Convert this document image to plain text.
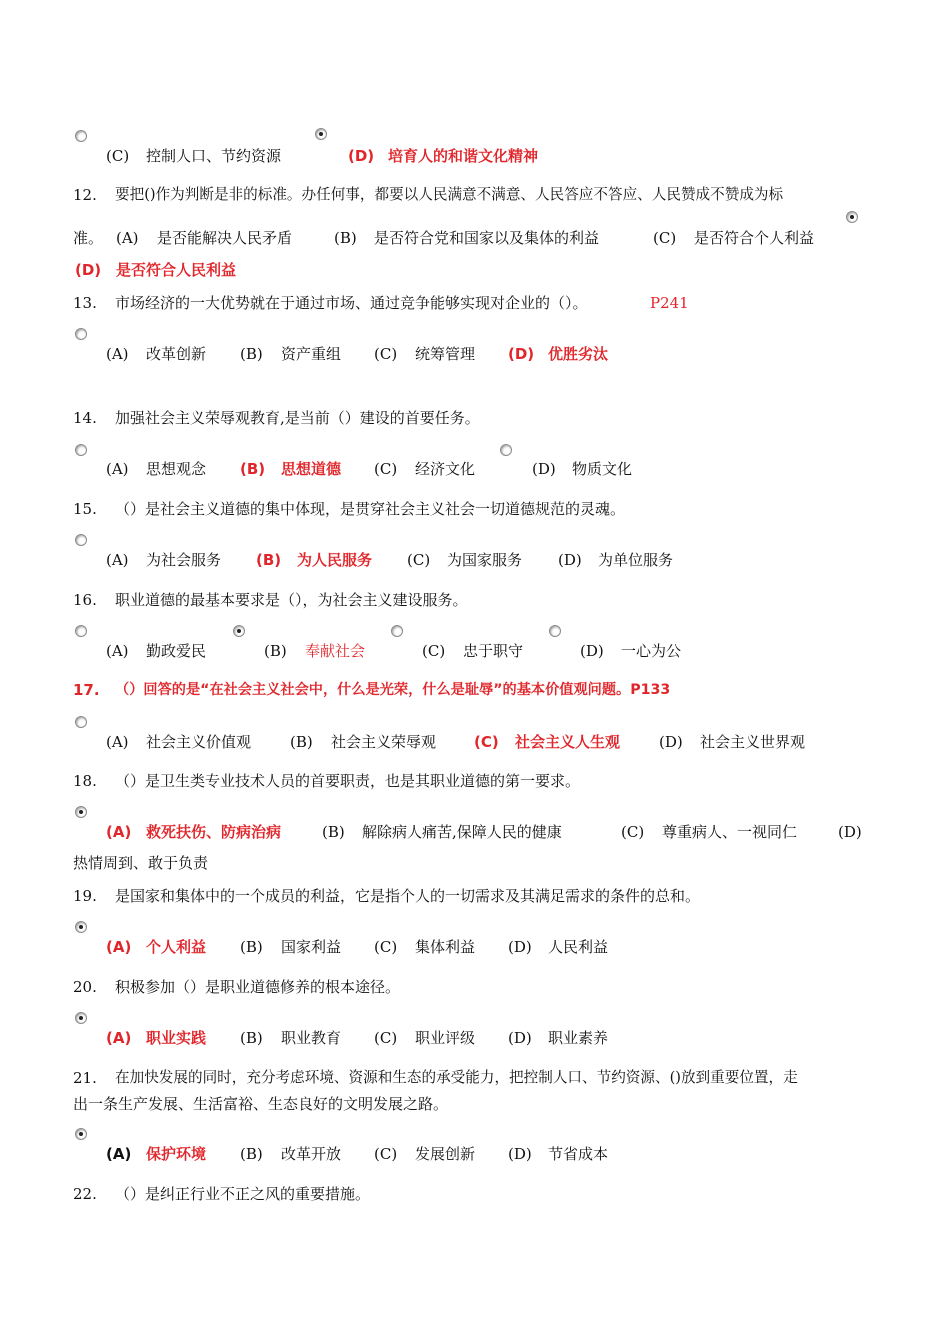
(C) 控制人口、节约资源	(D) 培育人的和谐文化精神
12. 要把()作为判断是非的标准。办任何事，都要以人民满意不满意、人民答应不答应、人民赞成不赞成为标
准。 (A) 是否能解决人民矛盾	(B) 是否符合党和国家以及集体的利益	(C) 是否符合个人利益
(D) 是否符合人民利益
13. 市场经济的一大优势就在于通过市场、通过竞争能够实现对企业的（）。	P241
(A) 改革创新 (B) 资产重组 (C) 统筹管理 (D) 优胜劣汰
14. 加强社会主义荣辱观教育,是当前（）建设的首要任务。
(A) 思想观念 (B) 思想道德 (C) 经济文化	(D) 物质文化
15. （）是社会主义道德的集中体现，是贯穿社会主义社会一切道德规范的灵魂。
(A) 为社会服务 (B) 为人民服务 (C) 为国家服务 (D) 为单位服务
16. 职业道德的最基本要求是（），为社会主义建设服务。
(A) 勤政爱民	(B) 奉献社会	(C) 忠于职守	(D) 一心为公
17. （）回答的是“在社会主义社会中，什么是光荣，什么是耻辱”的基本价值观问题。P133
(A) 社会主义价值观	(B) 社会主义荣辱观	(C) 社会主义人生观	(D) 社会主义世界观
18. （）是卫生类专业技术人员的首要职责，也是其职业道德的第一要求。
(A) 救死扶伤、防病治病	(B) 解除病人痛苦,保障人民的健康	(C) 尊重病人、一视同仁	(D)
热情周到、敢于负责
19. 是国家和集体中的一个成员的利益，它是指个人的一切需求及其满足需求的条件的总和。
(A) 个人利益 (B) 国家利益 (C) 集体利益 (D) 人民利益
20. 积极参加（）是职业道德修养的根本途径。
(A) 职业实践 (B) 职业教育 (C) 职业评级 (D) 职业素养
21. 在加快发展的同时，充分考虑环境、资源和生态的承受能力，把控制人口、节约资源、()放到重要位置，走
出一条生产发展、生活富裕、生态良好的文明发展之路。
(A) 保护环境 (B) 改革开放 (C) 发展创新 (D) 节省成本
22. （）是纠正行业不正之风的重要措施。
